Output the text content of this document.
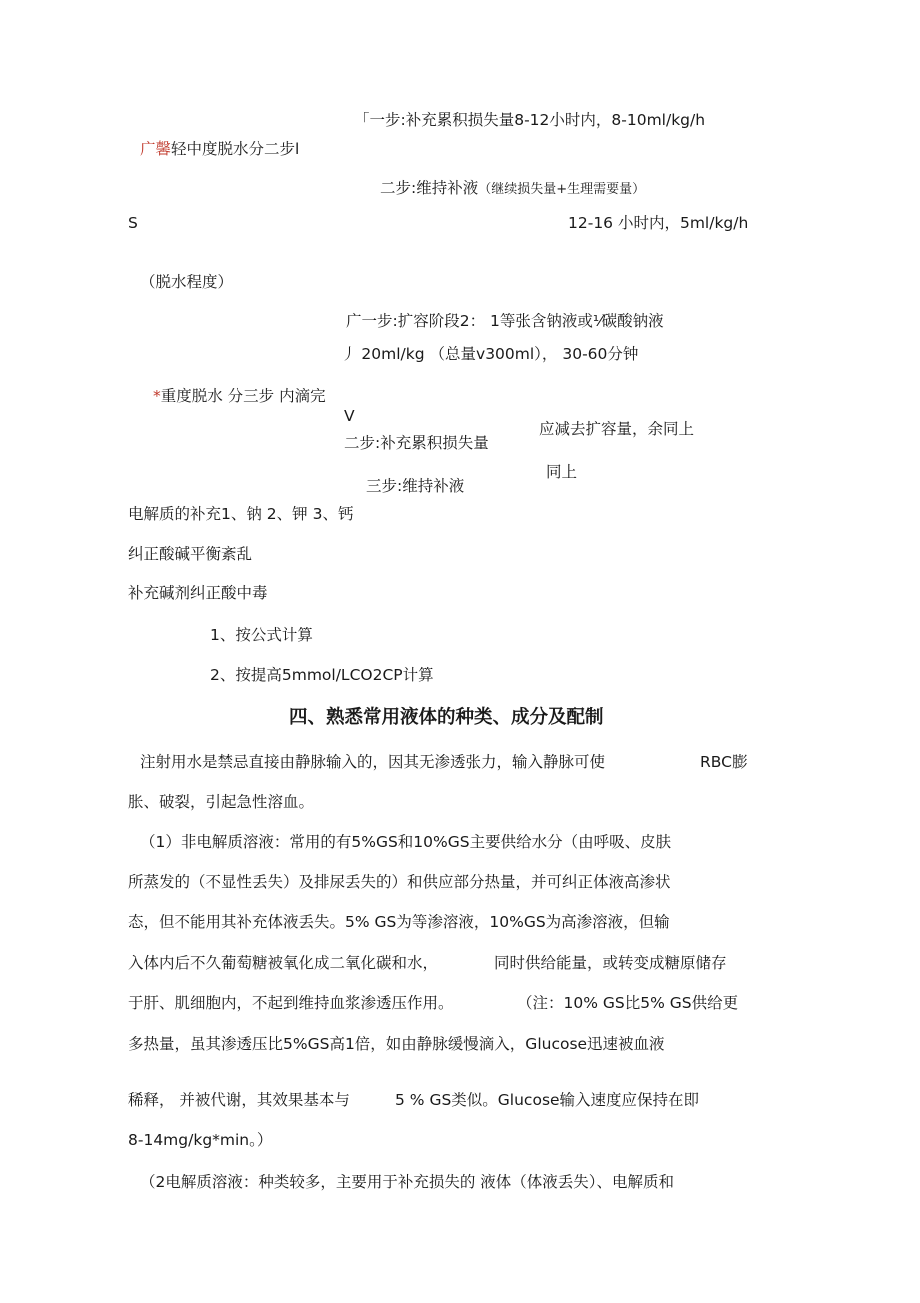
「一步:补充累积损失量8-12小时内，8-10ml/kg/h
广馨轻中度脱水分二步l
二步:维持补液（继续损失量+生理需要量）
S	12-16 小时内，5ml/kg/h
（脱水程度）
广一步:扩容阶段2： 1等张含钠液或⅟碳酸钠液
丿 20ml/kg （总量v300ml）， 30-60分钟
*重度脱水 分三步 内滴完
V
应减去扩容量，余同上
二步:补充累积损失量
同上
三步:维持补液
电解质的补充1、钠 2、钾 3、钙
纠正酸碱平衡紊乱
补充碱剂纠正酸中毒
1、按公式计算
2、按提高5mmol/LCO2CP计算
四、熟悉常用液体的种类、成分及配制
注射用水是禁忌直接由静脉输入的，因其无渗透张力，输入静脉可使	RBC膨
胀、破裂，引起急性溶血。
（1）非电解质溶液：常用的有5%GS和10%GS主要供给水分（由呼吸、皮肤
所蒸发的（不显性丢失）及排尿丢失的）和供应部分热量，并可纠正体液高渗状
态，但不能用其补充体液丢失。5% GS为等渗溶液，10%GS为高渗溶液，但输
入体内后不久葡萄糖被氧化成二氧化碳和水，	同时供给能量，或转变成糖原储存
于肝、肌细胞内，不起到维持血浆渗透压作用。	（注：10% GS比5% GS供给更
多热量，虽其渗透压比5%GS高1倍，如由静脉缓慢滴入，Glucose迅速被血液
稀释， 并被代谢，其效果基本与	5 % GS类似。Glucose输入速度应保持在即
8-14mg/kg*min。）
（2电解质溶液：种类较多，主要用于补充损失的 液体（体液丢失）、电解质和
